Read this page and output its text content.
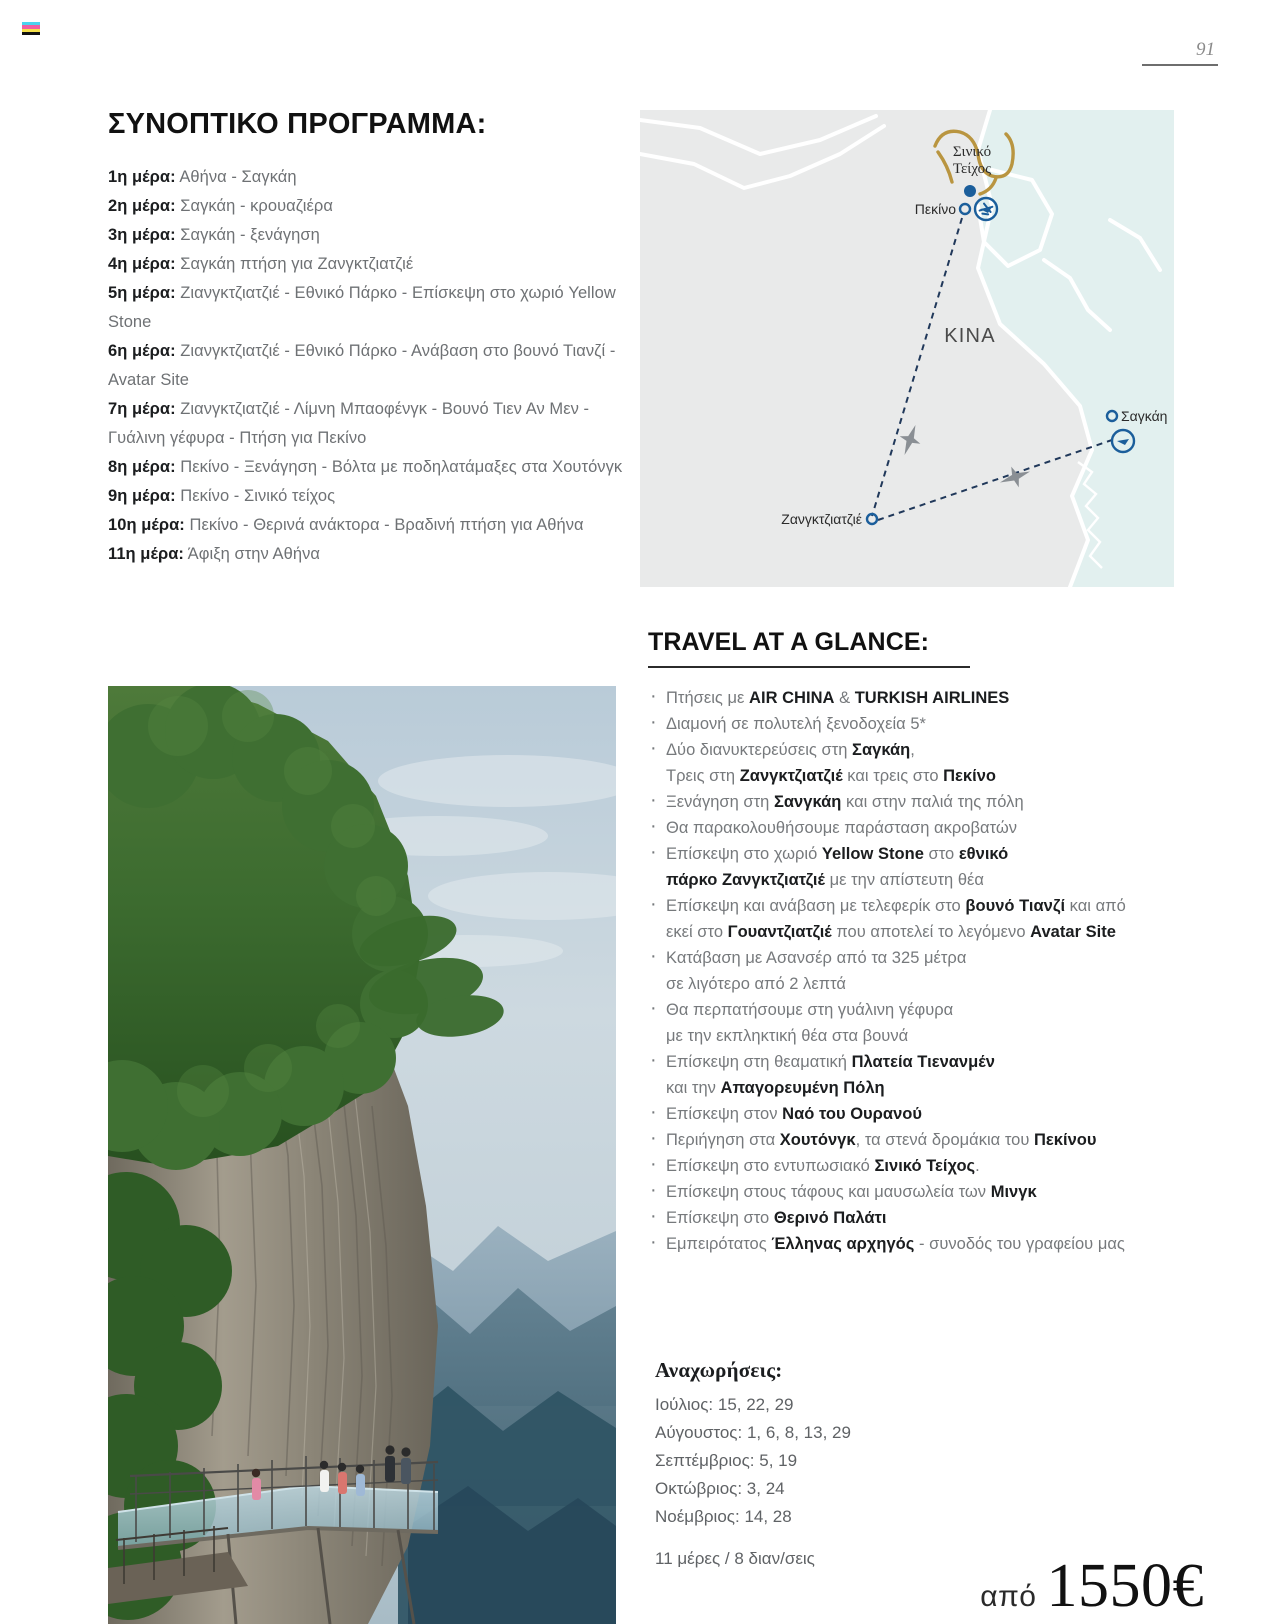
91
ΣΥΝΟΠΤΙΚΟ ΠΡΟΓΡΑΜΜΑ:
1η μέρα: Αθήνα - Σαγκάη
2η μέρα: Σαγκάη - κρουαζιέρα
3η μέρα: Σαγκάη - ξενάγηση
4η μέρα: Σαγκάη πτήση για Ζανγκτζιατζιέ
5η μέρα: Ζιανγκτζιατζιέ - Εθνικό Πάρκο - Επίσκεψη στο χωριό Yellow Stone
6η μέρα: Ζιανγκτζιατζιέ - Εθνικό Πάρκο - Ανάβαση στο βουνό Τιανζί - Avatar Site
7η μέρα: Ζιανγκτζιατζιέ - Λίμνη Μπαοφένγκ - Βουνό Τιεν Αν Μεν - Γυάλινη γέφυρα - Πτήση για Πεκίνο
8η μέρα: Πεκίνο - Ξενάγηση - Βόλτα με ποδηλατάμαξες στα Χουτόνγκ
9η μέρα: Πεκίνο - Σινικό τείχος
10η μέρα: Πεκίνο - Θερινά ανάκτορα - Βραδινή πτήση για Αθήνα
11η μέρα: Άφιξη στην Αθήνα
Σινικό
Τείχος
Πεκίνο
Σαγκάη
Ζανγκτζιατζιέ
ΚΙΝΑ
TRAVEL AT A GLANCE:
· Πτήσεις με AIR CHINA & TURKISH AIRLINES
· Διαμονή σε πολυτελή ξενοδοχεία 5*
· Δύο διανυκτερεύσεις στη Σαγκάη,
Τρεις στη Ζανγκτζιατζιέ και τρεις στο Πεκίνο
· Ξενάγηση στη Σανγκάη και στην παλιά της πόλη
· Θα παρακολουθήσουμε παράσταση ακροβατών
· Επίσκεψη στο χωριό Yellow Stone στο εθνικό
πάρκο Ζανγκτζιατζιέ με την απίστευτη θέα
· Επίσκεψη και ανάβαση με τελεφερίκ στο βουνό Τιανζί και από
εκεί στο Γουαντζιατζιέ που αποτελεί το λεγόμενο Avatar Site
· Κατάβαση με Ασανσέρ από τα 325 μέτρα
σε λιγότερο από 2 λεπτά
· Θα περπατήσουμε στη γυάλινη γέφυρα
με την εκπληκτική θέα στα βουνά
· Επίσκεψη στη θεαματική Πλατεία Τιενανμέν
και την Απαγορευμένη Πόλη
· Επίσκεψη στον Ναό του Ουρανού
· Περιήγηση στα Χουτόνγκ, τα στενά δρομάκια του Πεκίνου
· Επίσκεψη στο εντυπωσιακό Σινικό Τείχος.
· Επίσκεψη στους τάφους και μαυσωλεία των Μινγκ
· Επίσκεψη στο Θερινό Παλάτι
· Εμπειρότατος Έλληνας αρχηγός - συνοδός του γραφείου μας
Αναχωρήσεις:
Ιούλιος: 15, 22, 29
Αύγουστος: 1, 6, 8, 13, 29
Σεπτέμβριος: 5, 19
Οκτώβριος: 3, 24
Νοέμβριος: 14, 28
11 μέρες / 8 διαν/σεις
από 1550€
